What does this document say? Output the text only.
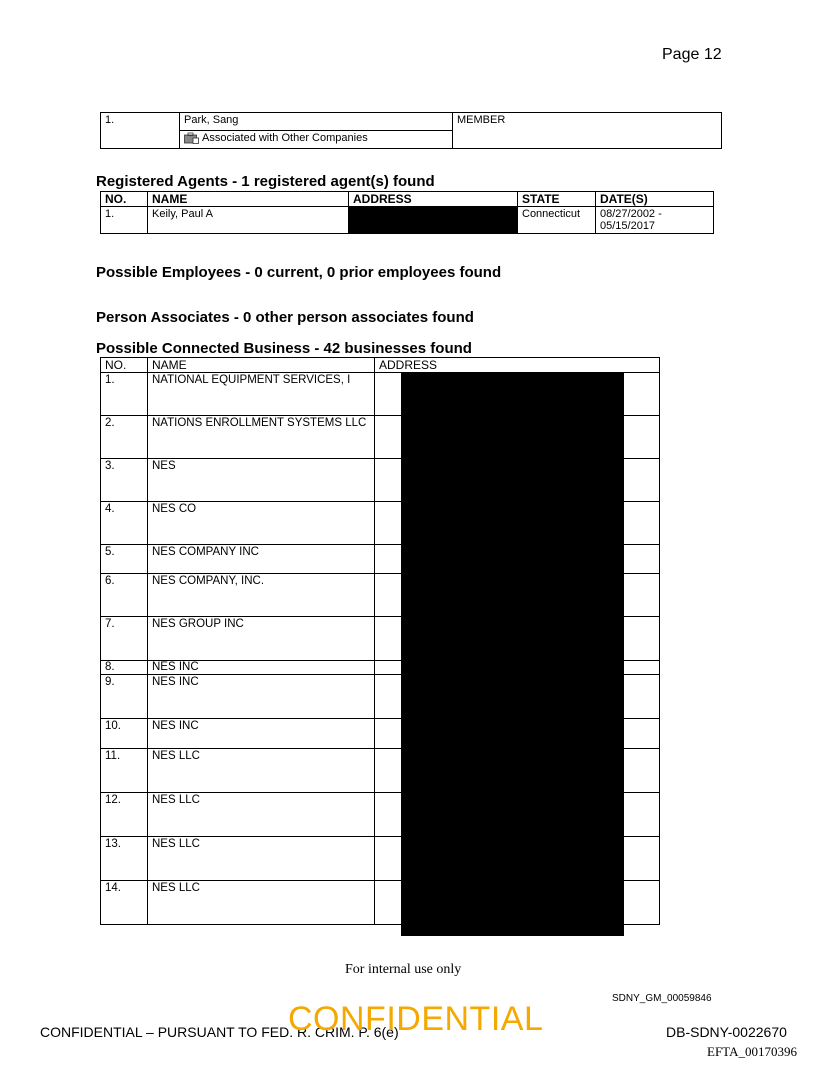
Page 12
1.	Park, Sang	MEMBER

Associated with Other Companies
Registered Agents - 1 registered agent(s) found
NO.	NAME	ADDRESS	STATE	DATE(S)
1.	Keily, Paul A		Connecticut	08/27/2002 -
05/15/2017
Possible Employees - 0 current, 0 prior employees found
Person Associates - 0 other person associates found
Possible Connected Business - 42 businesses found
NO.	NAME	ADDRESS
1.	NATIONAL EQUIPMENT SERVICES, I	
2.	NATIONS ENROLLMENT SYSTEMS LLC	
3.	NES	
4.	NES CO	
5.	NES COMPANY INC	
6.	NES COMPANY, INC.	
7.	NES GROUP INC	
8.	NES INC	
9.	NES INC	
10.	NES INC	
11.	NES LLC	
12.	NES LLC	
13.	NES LLC	
14.	NES LLC	
For internal use only
SDNY_GM_00059846
CONFIDENTIAL – PURSUANT TO FED. R. CRIM. P. 6(e)
CONFIDENTIAL	DB-SDNY-0022670
EFTA_00170396
